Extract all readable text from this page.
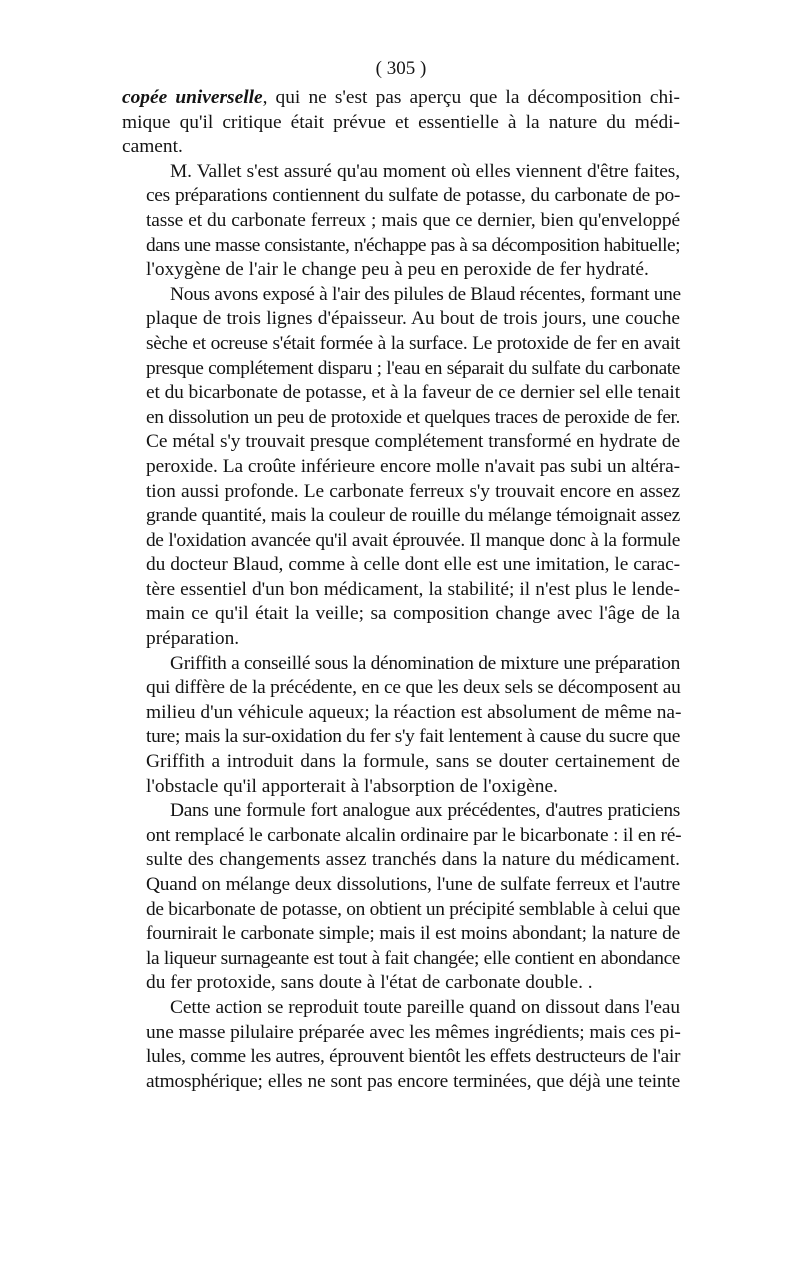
( 305 )
copée universelle, qui ne s'est pas aperçu que la décomposition chi-
mique qu'il critique était prévue et essentielle à la nature du médi-
cament.
M. Vallet s'est assuré qu'au moment où elles viennent d'être faites,
ces préparations contiennent du sulfate de potasse, du carbonate de po-
tasse et du carbonate ferreux ; mais que ce dernier, bien qu'enveloppé
dans une masse consistante, n'échappe pas à sa décomposition habituelle;
l'oxygène de l'air le change peu à peu en peroxide de fer hydraté.
Nous avons exposé à l'air des pilules de Blaud récentes, formant une
plaque de trois lignes d'épaisseur. Au bout de trois jours, une couche
sèche et ocreuse s'était formée à la surface. Le protoxide de fer en avait
presque complétement disparu ; l'eau en séparait du sulfate du carbonate
et du bicarbonate de potasse, et à la faveur de ce dernier sel elle tenait
en dissolution un peu de protoxide et quelques traces de peroxide de fer.
Ce métal s'y trouvait presque complétement transformé en hydrate de
peroxide. La croûte inférieure encore molle n'avait pas subi un altéra-
tion aussi profonde. Le carbonate ferreux s'y trouvait encore en assez
grande quantité, mais la couleur de rouille du mélange témoignait assez
de l'oxidation avancée qu'il avait éprouvée. Il manque donc à la formule
du docteur Blaud, comme à celle dont elle est une imitation, le carac-
tère essentiel d'un bon médicament, la stabilité; il n'est plus le lende-
main ce qu'il était la veille; sa composition change avec l'âge de la
préparation.
Griffith a conseillé sous la dénomination de mixture une préparation
qui diffère de la précédente, en ce que les deux sels se décomposent au
milieu d'un véhicule aqueux; la réaction est absolument de même na-
ture; mais la sur-oxidation du fer s'y fait lentement à cause du sucre que
Griffith a introduit dans la formule, sans se douter certainement de
l'obstacle qu'il apporterait à l'absorption de l'oxigène.
Dans une formule fort analogue aux précédentes, d'autres praticiens
ont remplacé le carbonate alcalin ordinaire par le bicarbonate : il en ré-
sulte des changements assez tranchés dans la nature du médicament.
Quand on mélange deux dissolutions, l'une de sulfate ferreux et l'autre
de bicarbonate de potasse, on obtient un précipité semblable à celui que
fournirait le carbonate simple; mais il est moins abondant; la nature de
la liqueur surnageante est tout à fait changée; elle contient en abondance
du fer protoxide, sans doute à l'état de carbonate double. .
Cette action se reproduit toute pareille quand on dissout dans l'eau
une masse pilulaire préparée avec les mêmes ingrédients; mais ces pi-
lules, comme les autres, éprouvent bientôt les effets destructeurs de l'air
atmosphérique; elles ne sont pas encore terminées, que déjà une teinte
